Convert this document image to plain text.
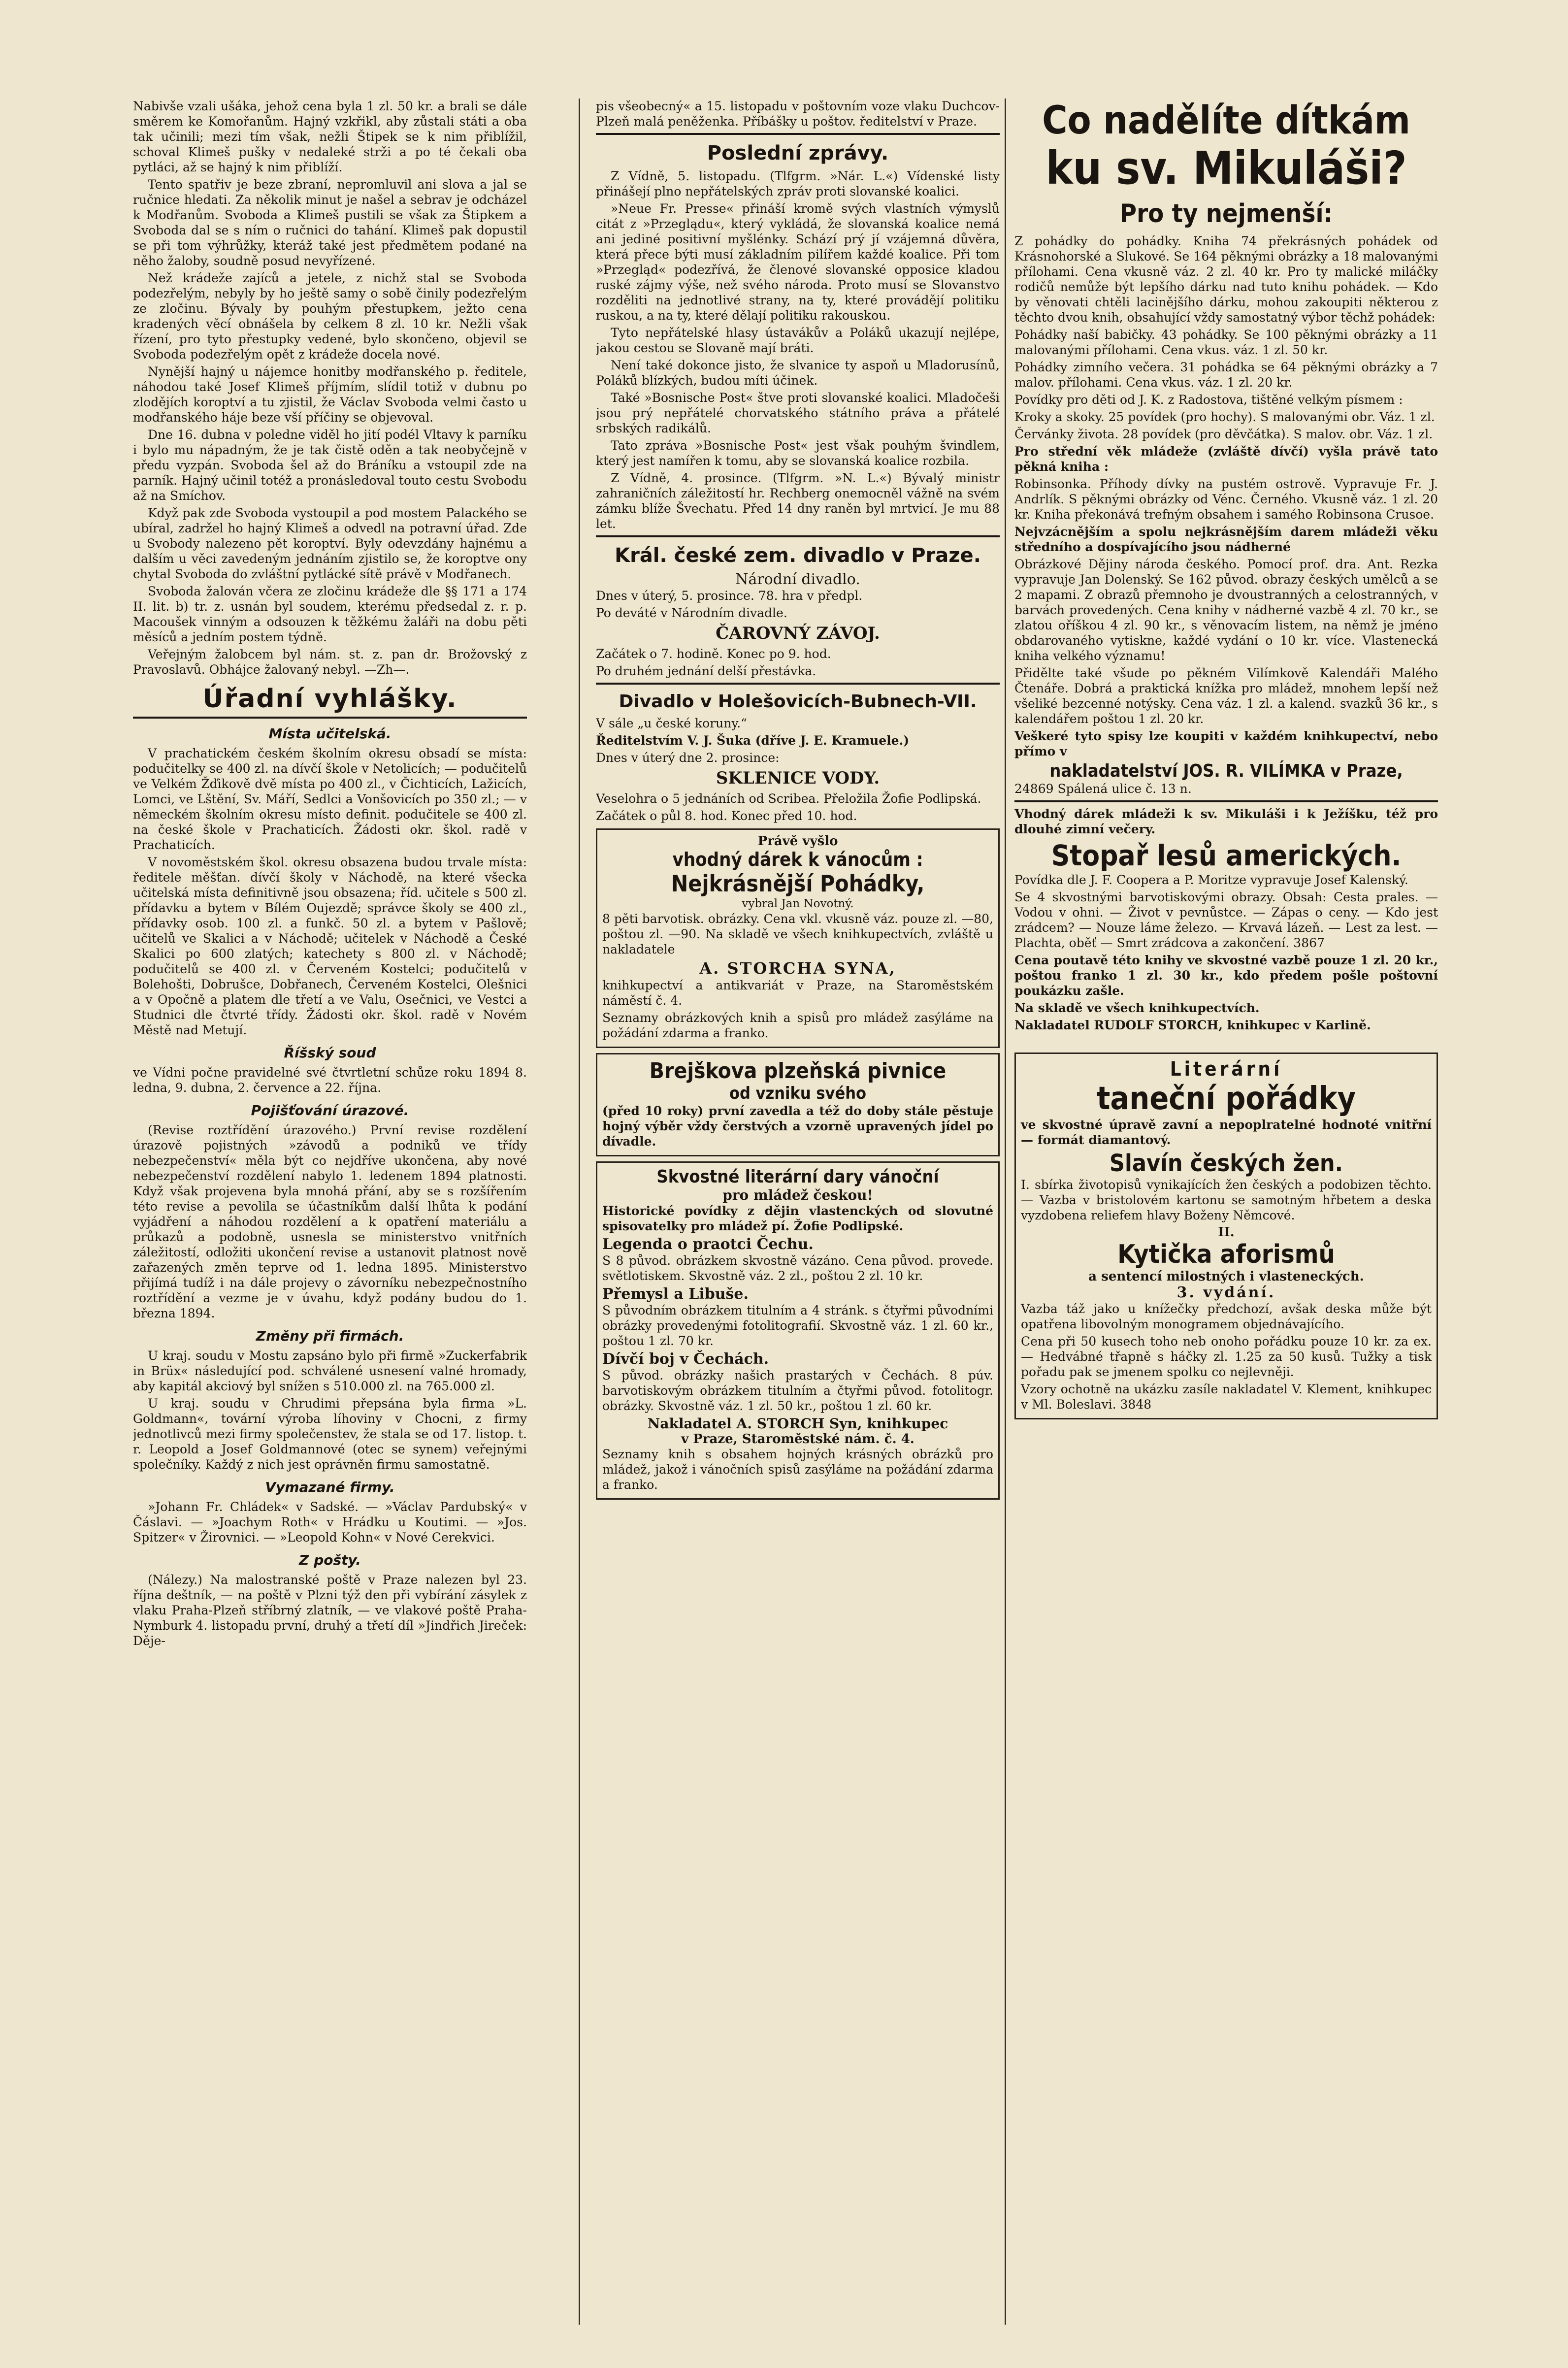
Nabivše vzali ušáka, jehož cena byla 1 zl. 50 kr. a brali se dále směrem ke Komořanům. Hajný vzkřikl, aby zůstali státi a oba tak učinili; mezi tím však, nežli Štipek se k nim přiblížil, schoval Klimeš pušky v nedaleké strži a po té čekali oba pytláci, až se hajný k nim přiblíží.

Tento spatřiv je beze zbraní, nepromluvil ani slova a jal se ručnice hledati. Za několik minut je našel a sebrav je odcházel k Modřanům. Svoboda a Klimeš pustili se však za Štipkem a Svoboda dal se s ním o ručnici do tahání. Klimeš pak dopustil se při tom výhrůžky, kteráž také jest předmětem podané na něho žaloby, soudně posud nevyřízené.

Než krádeže zajíců a jetele, z nichž stal se Svoboda podezřelým, nebyly by ho ještě samy o sobě činily podezřelým ze zločinu. Bývaly by pouhým přestupkem, ježto cena kradených věcí obnášela by celkem 8 zl. 10 kr. Nežli však řízení, pro tyto přestupky vedené, bylo skončeno, objevil se Svoboda podezřelým opět z krádeže docela nové.

Nynější hajný u nájemce honitby modřanského p. ředitele, náhodou také Josef Klimeš příjmím, slídil totiž v dubnu po zlodějích koroptví a tu zjistil, že Václav Svoboda velmi často u modřanského háje beze vší příčiny se objevoval.

Dne 16. dubna v poledne viděl ho jití podél Vltavy k parníku i bylo mu nápadným, že je tak čistě oděn a tak neobyčejně v předu vyzpán. Svoboda šel až do Bráníku a vstoupil zde na parník. Hajný učinil totéž a pronásledoval touto cestu Svobodu až na Smíchov.

Když pak zde Svoboda vystoupil a pod mostem Palackého se ubíral, zadržel ho hajný Klimeš a odvedl na potravní úřad. Zde u Svobody nalezeno pět koroptví. Byly odevzdány hajnému a dalším u věci zavedeným jednáním zjistilo se, že koroptve ony chytal Svoboda do zvláštní pytlácké sítě právě v Modřanech.

Svoboda žalován včera ze zločinu krádeže dle §§ 171 a 174 II. lit. b) tr. z. usnán byl soudem, kterému předsedal z. r. p. Macoušek vinným a odsouzen k těžkému žaláři na dobu pěti měsíců a jedním postem týdně.

Veřejným žalobcem byl nám. st. z. pan dr. Brožovský z Pravoslavů. Obhájce žalovaný nebyl. —Zh—.

Úřadní vyhlášky.
Místa učitelská.

V prachatickém českém školním okresu obsadí se místa: podučitelky se 400 zl. na dívčí škole v Netolicích; — podučitelů ve Velkém Žďikově dvě místa po 400 zl., v Čichticích, Lažicích, Lomci, ve Lštění, Sv. Máří, Sedlci a Vonšovicích po 350 zl.; — v německém školním okresu místo definit. podučitele se 400 zl. na české škole v Prachaticích. Žádosti okr. škol. radě v Prachaticích.

V novoměstském škol. okresu obsazena budou trvale místa: ředitele měšťan. dívčí školy v Náchodě, na které všecka učitelská místa definitivně jsou obsazena; říd. učitele s 500 zl. přídavku a bytem v Bílém Oujezdě; správce školy se 400 zl., přídavky osob. 100 zl. a funkč. 50 zl. a bytem v Pašlově; učitelů ve Skalici a v Náchodě; učitelek v Náchodě a České Skalici po 600 zlatých; katechety s 800 zl. v Náchodě; podučitelů se 400 zl. v Červeném Kostelci; podučitelů v Bolehošti, Dobrušce, Dobřanech, Červeném Kostelci, Olešnici a v Opočně a platem dle třetí a ve Valu, Osečnici, ve Vestci a Studnici dle čtvrté třídy. Žádosti okr. škol. radě v Novém Městě nad Metují.

Říšský soud

ve Vídni počne pravidelné své čtvrtletní schůze roku 1894 8. ledna, 9. dubna, 2. července a 22. října.

Pojišťování úrazové.

(Revise roztřídění úrazového.) První revise rozdělení úrazově pojistných »závodů a podniků ve třídy nebezpečenství« měla být co nejdříve ukončena, aby nové nebezpečenství rozdělení nabylo 1. ledenem 1894 platnosti. Když však projevena byla mnohá přání, aby se s rozšířením této revise a pevolila se účastníkům další lhůta k podání vyjádření a náhodou rozdělení a k opatření materiálu a průkazů a podobně, usnesla se ministerstvo vnitřních záležitostí, odložiti ukončení revise a ustanovit platnost nově zařazených změn teprve od 1. ledna 1895. Ministerstvo přijímá tudíž i na dále projevy o závorníku nebezpečnostního roztřídění a vezme je v úvahu, když podány budou do 1. března 1894.

Změny při firmách.

U kraj. soudu v Mostu zapsáno bylo při firmě »Zuckerfabrik in Brüx« následující pod. schválené usnesení valné hromady, aby kapitál akciový byl snížen s 510.000 zl. na 765.000 zl.

U kraj. soudu v Chrudimi přepsána byla firma »L. Goldmann«, tovární výroba líhoviny v Chocni, z firmy jednotlivců mezi firmy společenstev, že stala se od 17. listop. t. r. Leopold a Josef Goldmannové (otec se synem) veřejnými společníky. Každý z nich jest oprávněn firmu samostatně.

Vymazané firmy.

»Johann Fr. Chládek« v Sadské. — »Václav Pardubský« v Čáslavi. — »Joachym Roth« v Hrádku u Koutimi. — »Jos. Spitzer« v Žirovnici. — »Leopold Kohn« v Nové Cerekvici.

Z pošty.

(Nálezy.) Na malostranské poště v Praze nalezen byl 23. října deštník, — na poště v Plzni týž den při vybírání zásylek z vlaku Praha-Plzeň stříbrný zlatník, — ve vlakové poště Praha-Nymburk 4. listopadu první, druhý a třetí díl »Jindřich Jireček: Děje-

pis všeobecný« a 15. listopadu v poštovním voze vlaku Duchcov-Plzeň malá peněženka. Příbášky u poštov. ředitelství v Praze.

Poslední zprávy.

Z Vídně, 5. listopadu. (Tlfgrm. »Nár. L.«) Vídenské listy přinášejí plno nepřátelských zpráv proti slovanské koalici.

»Neue Fr. Presse« přináší kromě svých vlastních výmyslů citát z »Przeglądu«, který vykládá, že slovanská koalice nemá ani jediné positivní myšlénky. Schází prý jí vzájemná důvěra, která přece býti musí základním pilířem každé koalice. Při tom »Przegląd« podezřívá, že členové slovanské opposice kladou ruské zájmy výše, než svého národa. Proto musí se Slovanstvo rozděliti na jednotlivé strany, na ty, které provádějí politiku ruskou, a na ty, které dělají politiku rakouskou.

Tyto nepřátelské hlasy ústavákův a Poláků ukazují nejlépe, jakou cestou se Slovaně mají bráti.

Není také dokonce jisto, že slvanice ty aspoň u Mladorusínů, Poláků blízkých, budou míti účinek.

Také »Bosnische Post« štve proti slovanské koalici. Mladočeši jsou prý nepřátelé chorvatského státního práva a přátelé srbských radikálů.

Tato zpráva »Bosnische Post« jest však pouhým švindlem, který jest namířen k tomu, aby se slovanská koalice rozbila.

Z Vídně, 4. prosince. (Tlfgrm. »N. L.«) Bývalý ministr zahraničních záležitostí hr. Rechberg onemocněl vážně na svém zámku blíže Švechatu. Před 14 dny raněn byl mrtvicí. Je mu 88 let.

Král. české zem. divadlo v Praze.
Národní divadlo.

Dnes v úterý, 5. prosince. 78. hra v předpl.

Po deváté v Národním divadle.

ČAROVNÝ ZÁVOJ.

Začátek o 7. hodině. Konec po 9. hod.

Po druhém jednání delší přestávka.

Divadlo v Holešovicích-Bubnech-VII.

V sále „u české koruny.“

Ředitelstvím V. J. Šuka (dříve J. E. Kramuele.)

Dnes v úterý dne 2. prosince:

SKLENICE VODY.

Veselohra o 5 jednáních od Scribea. Přeložila Žofie Podlipská.

Začátek o půl 8. hod. Konec před 10. hod.

Právě vyšlo
vhodný dárek k vánocům :
Nejkrásnější Pohádky,
vybral Jan Novotný.

8 pěti barvotisk. obrázky. Cena vkl. vkusně váz. pouze zl. —80, poštou zl. —90. Na skladě ve všech knihkupectvích, zvláště u nakladatele

A. STORCHA SYNA,

knihkupectví a antikvariát v Praze, na Staroměstském náměstí č. 4.

Seznamy obrázkových knih a spisů pro mládež zasýláme na požádání zdarma a franko.

Brejškova plzeňská pivnice
od vzniku svého

(před 10 roky) první zavedla a též do doby stále pěstuje hojný výběr vždy čerstvých a vzorně upravených jídel po dívadle.

Skvostné literární dary vánoční
pro mládež českou!

Historické povídky z dějin vlastenckých od slovutné spisovatelky pro mládež pí. Žofie Podlipské.

Legenda o praotci Čechu.

S 8 původ. obrázkem skvostně vázáno. Cena původ. provede. světlotiskem. Skvostně váz. 2 zl., poštou 2 zl. 10 kr.

Přemysl a Libuše.

S původním obrázkem titulním a 4 stránk. s čtyřmi původními obrázky provedenými fotolitografií. Skvostně váz. 1 zl. 60 kr., poštou 1 zl. 70 kr.

Dívčí boj v Čechách.

S původ. obrázky našich prastarých v Čechách. 8 púv. barvotiskovým obrázkem titulním a čtyřmi původ. fotolitogr. obrázky. Skvostně váz. 1 zl. 50 kr., poštou 1 zl. 60 kr.

Nakladatel A. STORCH Syn, knihkupec
v Praze, Staroměstské nám. č. 4.

Seznamy knih s obsahem hojných krásných obrázků pro mládež, jakož i vánočních spisů zasýláme na požádání zdarma a franko.

Co nadělíte dítkám
ku sv. Mikuláši?
Pro ty nejmenší:

Z pohádky do pohádky. Kniha 74 překrásných pohádek od Krásnohorské a Slukové. Se 164 pěknými obrázky a 18 malovanými přílohami. Cena vkusně váz. 2 zl. 40 kr. Pro ty malické miláčky rodičů nemůže být lepšího dárku nad tuto knihu pohádek. — Kdo by věnovati chtěli lacinějšího dárku, mohou zakoupiti některou z těchto dvou knih, obsahující vždy samostatný výbor těchž pohádek:

Pohádky naší babičky. 43 pohádky. Se 100 pěknými obrázky a 11 malovanými přílohami. Cena vkus. váz. 1 zl. 50 kr.

Pohádky zimního večera. 31 pohádka se 64 pěknými obrázky a 7 malov. přílohami. Cena vkus. váz. 1 zl. 20 kr.

Povídky pro děti od J. K. z Radostova, tištěné velkým písmem :

Kroky a skoky. 25 povídek (pro hochy). S malovanými obr. Váz. 1 zl.

Červánky života. 28 povídek (pro děvčátka). S malov. obr. Váz. 1 zl.

Pro střední věk mládeže (zvláště dívčí) vyšla právě tato pěkná kniha :

Robinsonka. Příhody dívky na pustém ostrově. Vypravuje Fr. J. Andrlík. S pěknými obrázky od Vénc. Černého. Vkusně váz. 1 zl. 20 kr. Kniha překonává trefným obsahem i samého Robinsona Crusoe.

Nejvzácnějším a spolu nejkrásnějším darem mládeži věku středního a dospívajícího jsou nádherné

Obrázkové Dějiny národa českého. Pomocí prof. dra. Ant. Rezka vypravuje Jan Dolenský. Se 162 původ. obrazy českých umělců a se 2 mapami. Z obrazů přemnoho je dvoustranných a celostranných, v barvách provedených. Cena knihy v nádherné vazbě 4 zl. 70 kr., se zlatou oříškou 4 zl. 90 kr., s věnovacím listem, na němž je jméno obdarovaného vytiskne, každé vydání o 10 kr. více. Vlastenecká kniha velkého významu!

Přidělte také všude po pěkném Vilímkově Kalendáři Malého Čtenáře. Dobrá a praktická knížka pro mládež, mnohem lepší než všeliké bezcenné notýsky. Cena váz. 1 zl. a kalend. svazků 36 kr., s kalendářem poštou 1 zl. 20 kr.

Veškeré tyto spisy lze koupiti v každém knihkupectví, nebo přímo v

nakladatelství JOS. R. VILÍMKA v Praze,

24869 Spálená ulice č. 13 n.

Vhodný dárek mládeži k sv. Mikuláši i k Ježíšku, též pro dlouhé zimní večery.

Stopař lesů amerických.

Povídka dle J. F. Coopera a P. Moritze vypravuje Josef Kalenský.

Se 4 skvostnými barvotiskovými obrazy. Obsah: Cesta prales. — Vodou v ohni. — Život v pevnůstce. — Zápas o ceny. — Kdo jest zrádcem? — Nouze láme železo. — Krvavá lázeň. — Lest za lest. — Plachta, oběť — Smrt zrádcova a zakončení. 3867

Cena poutavě této knihy ve skvostné vazbě pouze 1 zl. 20 kr., poštou franko 1 zl. 30 kr., kdo předem pošle poštovní poukázku zašle.

Na skladě ve všech knihkupectvích.

Nakladatel RUDOLF STORCH, knihkupec v Karlině.

Literární
taneční pořádky

ve skvostné úpravě zavní a nepoplratelné hodnoté vnitřní — formát diamantový.

Slavín českých žen.

I. sbírka životopisů vynikajících žen českých a podobizen těchto. — Vazba v bristolovém kartonu se samotným hřbetem a deska vyzdobena reliefem hlavy Boženy Němcové.

II.
Kytička aforismů
a sentencí milostných i vlasteneckých.
3. vydání.

Vazba táž jako u knížečky předchozí, avšak deska může být opatřena libovolným monogramem objednávajícího.

Cena při 50 kusech toho neb onoho pořádku pouze 10 kr. za ex. — Hedvábné třapně s háčky zl. 1.25 za 50 kusů. Tužky a tisk pořadu pak se jmenem spolku co nejlevněji.

Vzory ochotně na ukázku zasíle nakladatel V. Klement, knihkupec v Ml. Boleslavi. 3848
